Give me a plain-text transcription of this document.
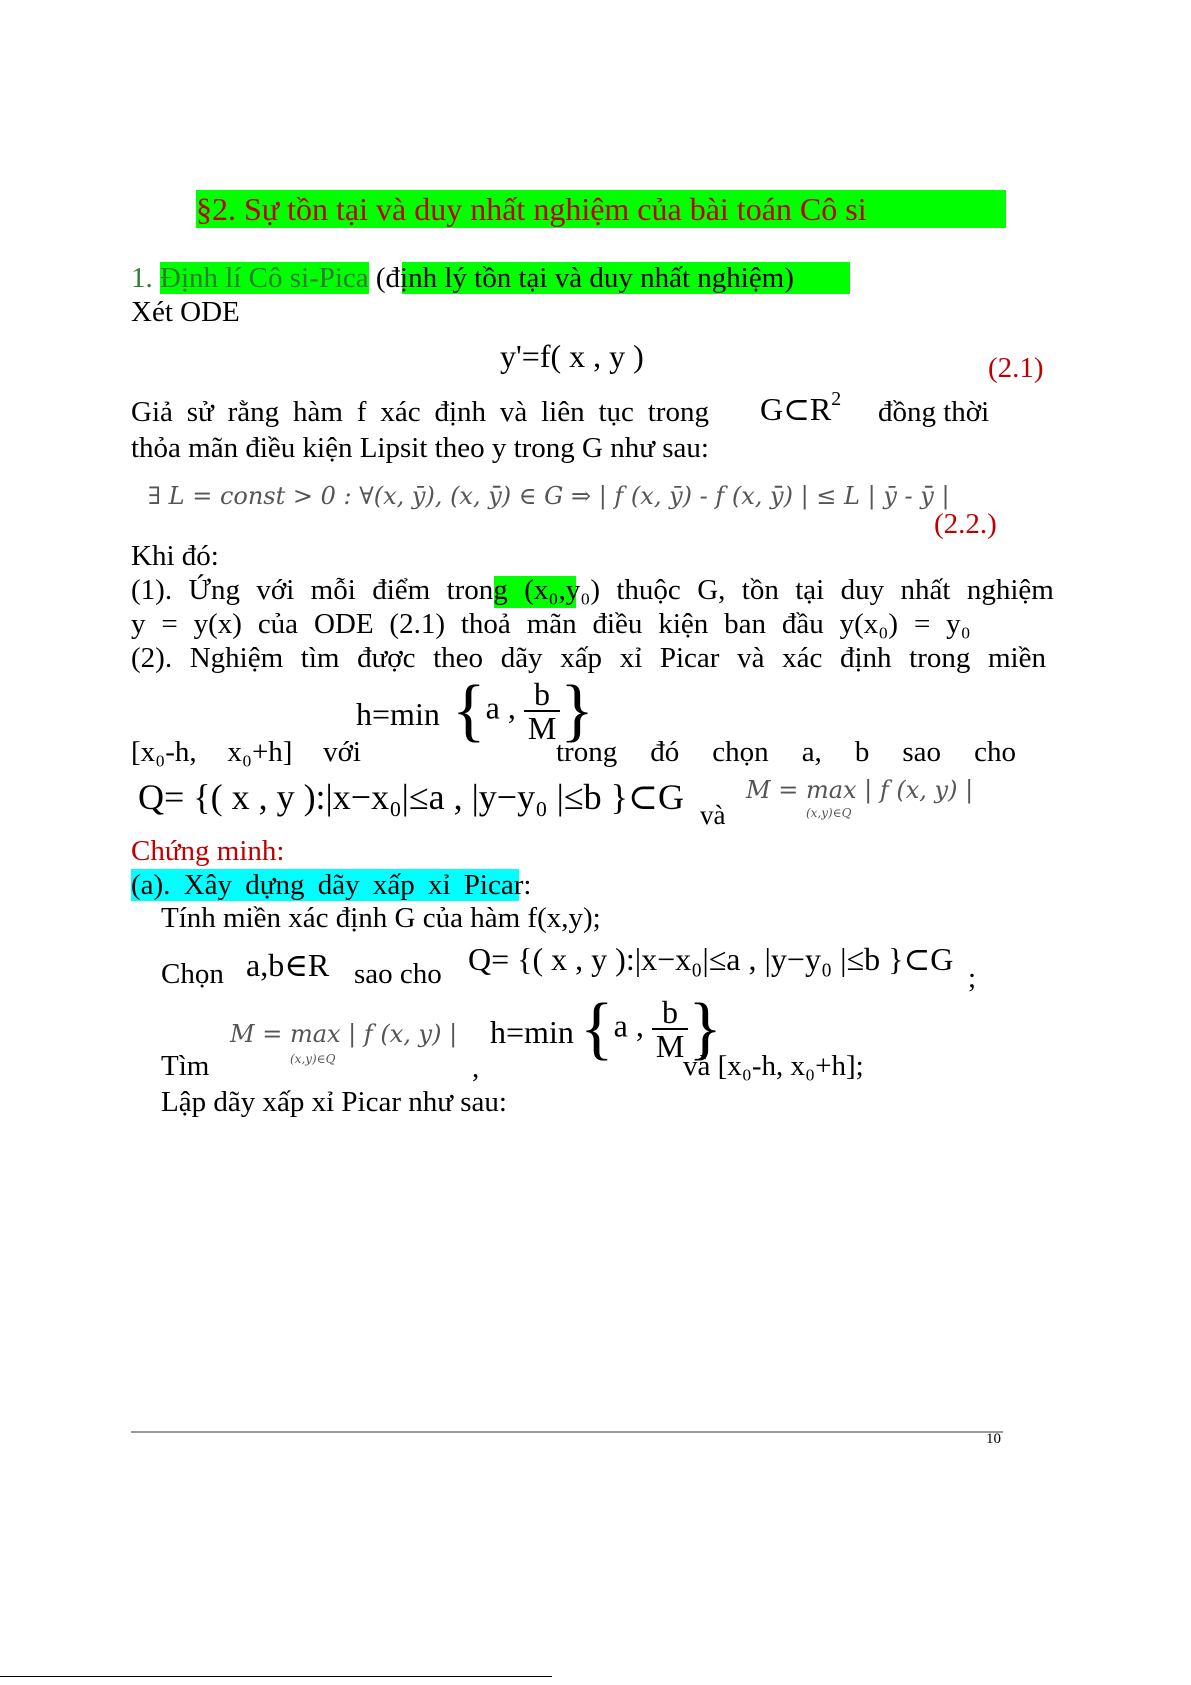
§2. Sự tồn tại và duy nhất nghiệm của bài toán Cô si
1. Định lí Cô si-Pica (định lý tồn tại và duy nhất nghiệm)
Xét ODE
y'=f( x , y )	(2.1)
Giả sử rằng hàm f xác định và liên tục trong $G\subset R^2$ đồng thời
thỏa mãn điều kiện Lipsit theo y trong G như sau:
∃ L = const > 0 : ∀(x, ȳ), (x, ȳ̄) ∈ G ⇒ | f (x, ȳ) - f (x, ȳ̄) | ≤ L | ȳ - ȳ̄ |
(2.2.)
Khi đó:
(1). Ứng với mỗi điểm trong (x₀,y₀) thuộc G, tồn tại duy nhất nghiệm
y = y(x) của ODE (2.1) thoả mãn điều kiện ban đầu y(x₀) = y₀
(2). Nghiệm tìm được theo dãy xấp xỉ Picar và xác định trong miền
[x₀-h, x₀+h] với
h=min {a , $\frac{b}{M}$ }
trong đó chọn a, b sao cho
Q= {( x , y ):|x−x₀|≤a , |y−y₀ |≤b }⊂G và
M = max | f (x, y) |
(x,y)∈Q
Chứng minh:
(a). Xây dựng dãy xấp xỉ Picar:
Tính miền xác định G của hàm f(x,y);
Chọn a,b∈R sao cho Q= {( x , y ):|x−x₀|≤a , |y−y₀ |≤b }⊂G
;
Tìm
M = max | f (x, y) |
(x,y)∈Q	,
h=min {a , $\frac{b}{M}$ }
và [x₀-h, x₀+h];
Lập dãy xấp xỉ Picar như sau:
10
